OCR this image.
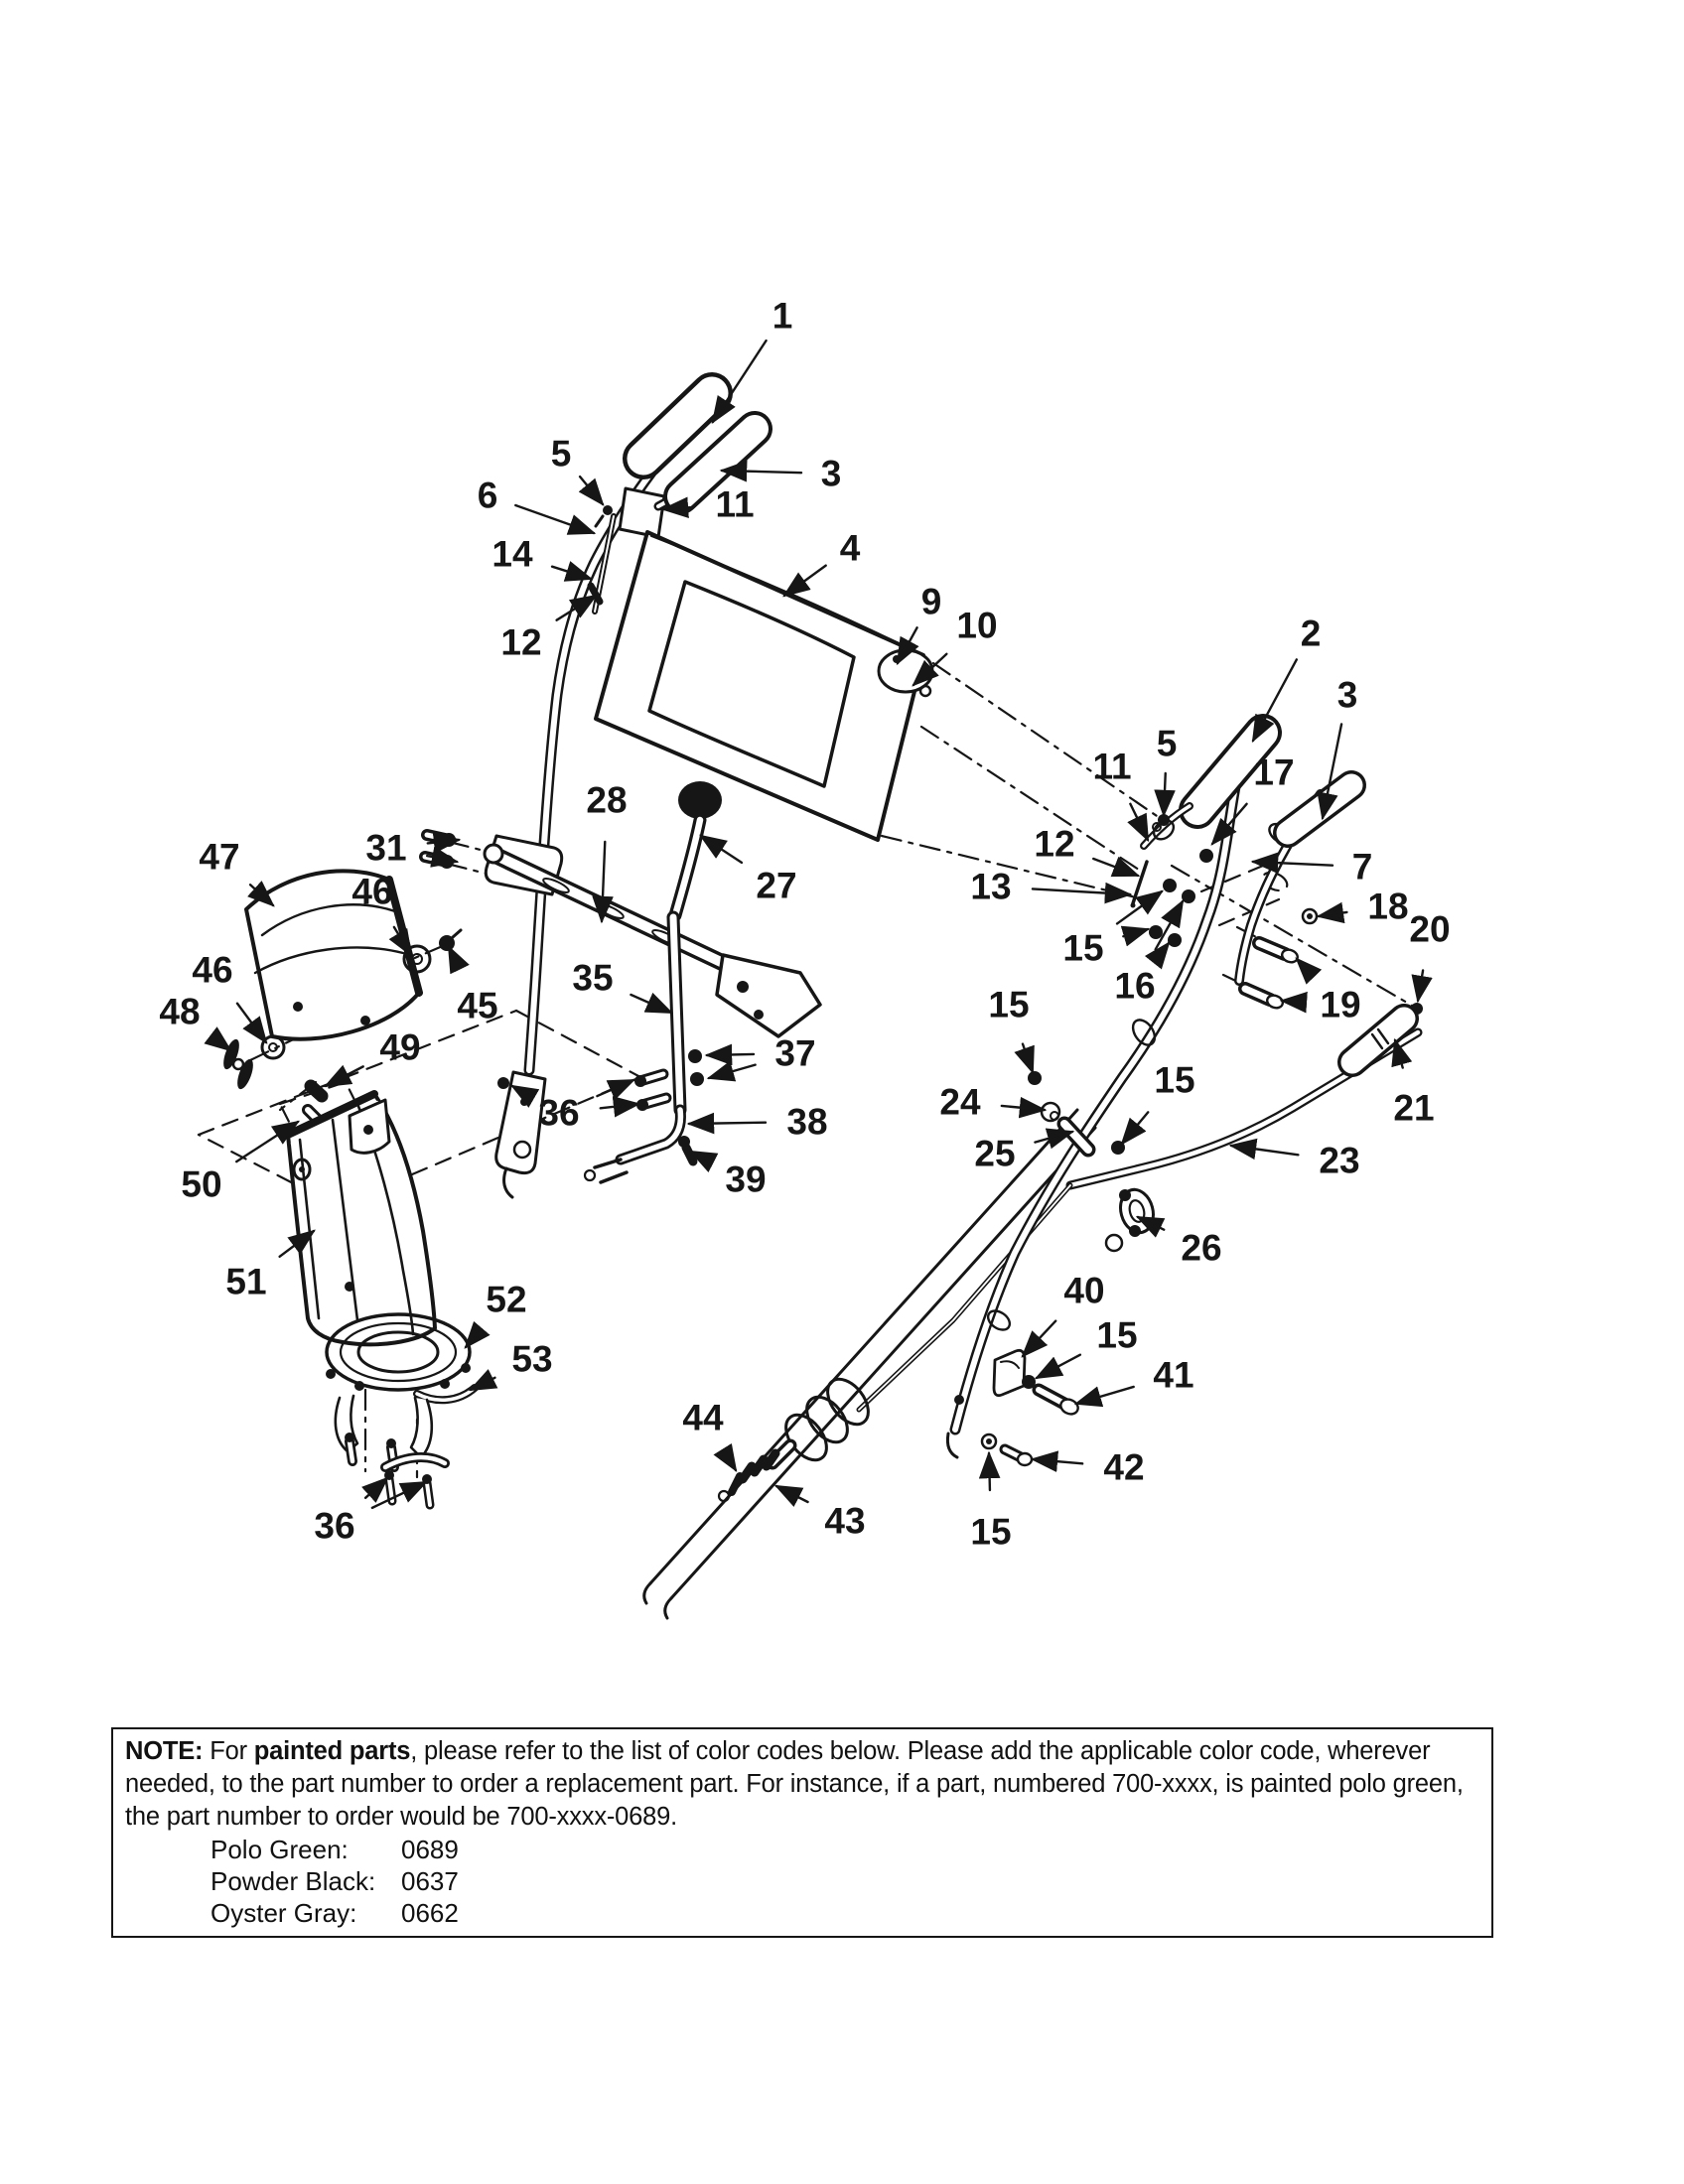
1
5
6
3
11
14
12
4
9
10	2
3
5
11	17
12
13	7
18
20
15
16	19
21
24
25
15
15
23
26
40
15
41
42
15
44
43
47	31
28
27
46
45
46
48
49
50
35
36
37
38
39
51	52
53
36
NOTE: For painted parts, please refer to the list of color codes below. Please add the applicable color code, wherever
needed, to the part number to order a replacement part. For instance, if a part, numbered 700-xxxx, is painted polo green,
the part number to order would be 700-xxxx-0689.
Polo Green:	0689
Powder Black: 0637
Oyster Gray:	0662
